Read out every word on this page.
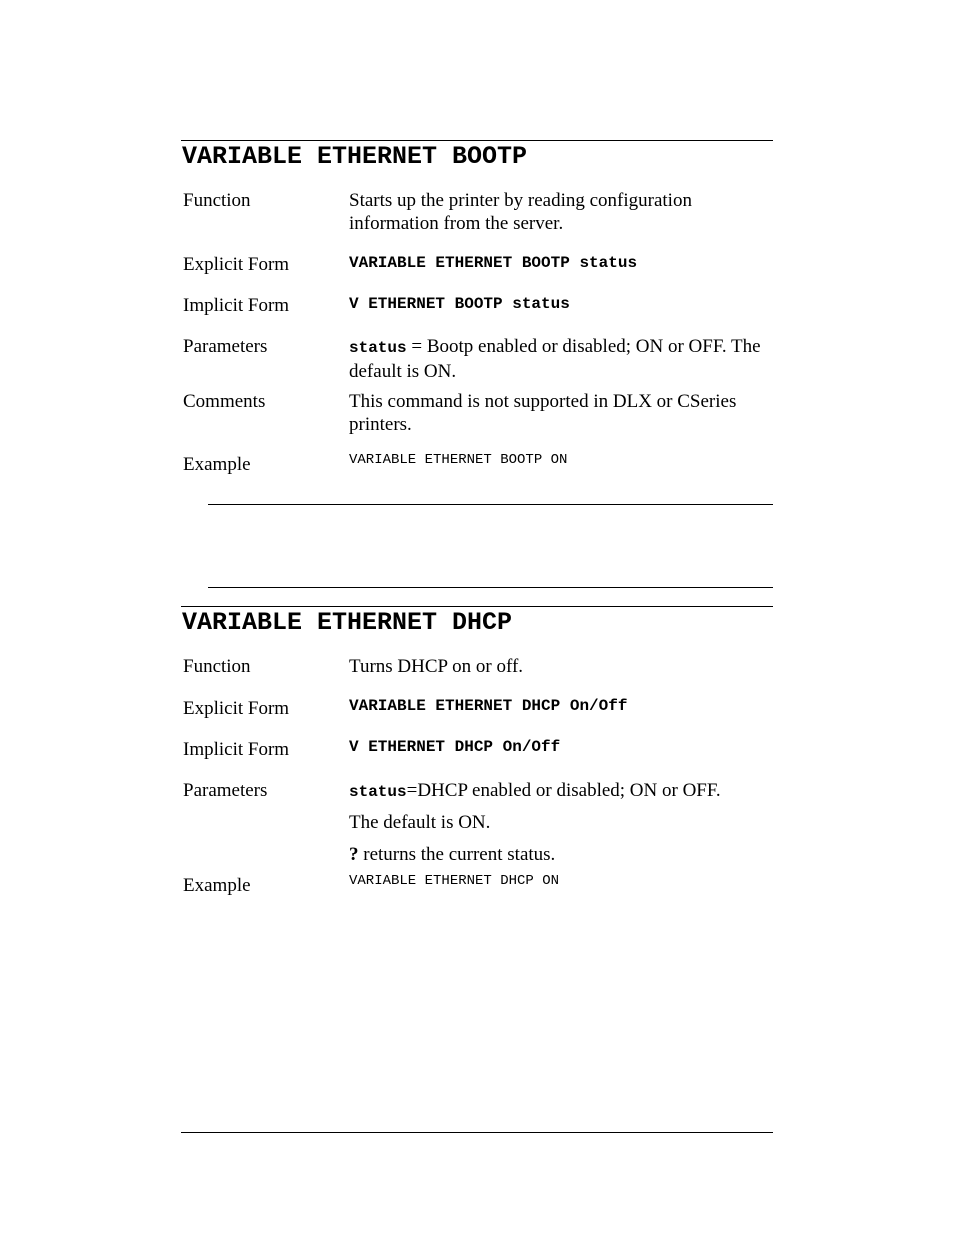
VARIABLE ETHERNET BOOTP
Function	Starts up the printer by reading configuration information from the server.
Explicit Form	VARIABLE ETHERNET BOOTP status
Implicit Form	V ETHERNET BOOTP status
Parameters	status = Bootp enabled or disabled; ON or OFF. The default is ON.
Comments	This command is not supported in DLX or CSeries printers.
Example	VARIABLE ETHERNET BOOTP ON
VARIABLE ETHERNET DHCP
Function	Turns DHCP on or off.
Explicit Form	VARIABLE ETHERNET DHCP On/Off
Implicit Form	V ETHERNET DHCP On/Off
Parameters	status=DHCP enabled or disabled; ON or OFF.
The default is ON.
? returns the current status.
Example	VARIABLE ETHERNET DHCP ON
